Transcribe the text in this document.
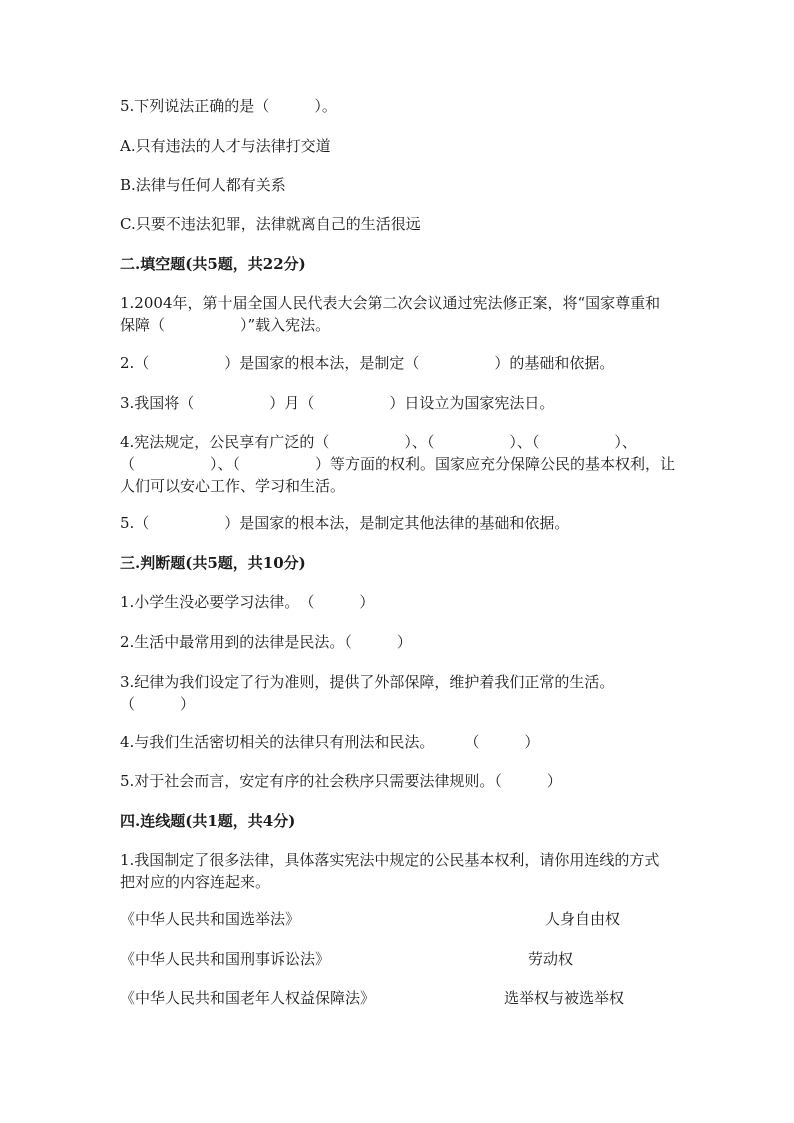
5.下列说法正确的是（　　　）。
A.只有违法的人才与法律打交道
B.法律与任何人都有关系
C.只要不违法犯罪，法律就离自己的生活很远
二.填空题(共5题，共22分)
1.2004年，第十届全国人民代表大会第二次会议通过宪法修正案，将“国家尊重和保障（　　　　　）”载入宪法。
2.（　　　　　）是国家的根本法，是制定（　　　　　）的基础和依据。
3.我国将（　　　　　）月（　　　　　）日设立为国家宪法日。
4.宪法规定，公民享有广泛的（　　　　　）、（　　　　　）、（　　　　　）、（　　　　　）、（　　　　　）等方面的权利。国家应充分保障公民的基本权利，让人们可以安心工作、学习和生活。
5.（　　　　　）是国家的根本法，是制定其他法律的基础和依据。
三.判断题(共5题，共10分)
1.小学生没必要学习法律。　（　　　）
2.生活中最常用到的法律是民法。（　　　）
3.纪律为我们设定了行为准则，提供了外部保障，维护着我们正常的生活。（　　　）
4.与我们生活密切相关的法律只有刑法和民法。　　　（　　　）
5.对于社会而言，安定有序的社会秩序只需要法律规则。（　　　）
四.连线题(共1题，共4分)
1.我国制定了很多法律，具体落实宪法中规定的公民基本权利，请你用连线的方式把对应的内容连起来。
《中华人民共和国选举法》	人身自由权
《中华人民共和国刑事诉讼法》	劳动权
《中华人民共和国老年人权益保障法》	选举权与被选举权
